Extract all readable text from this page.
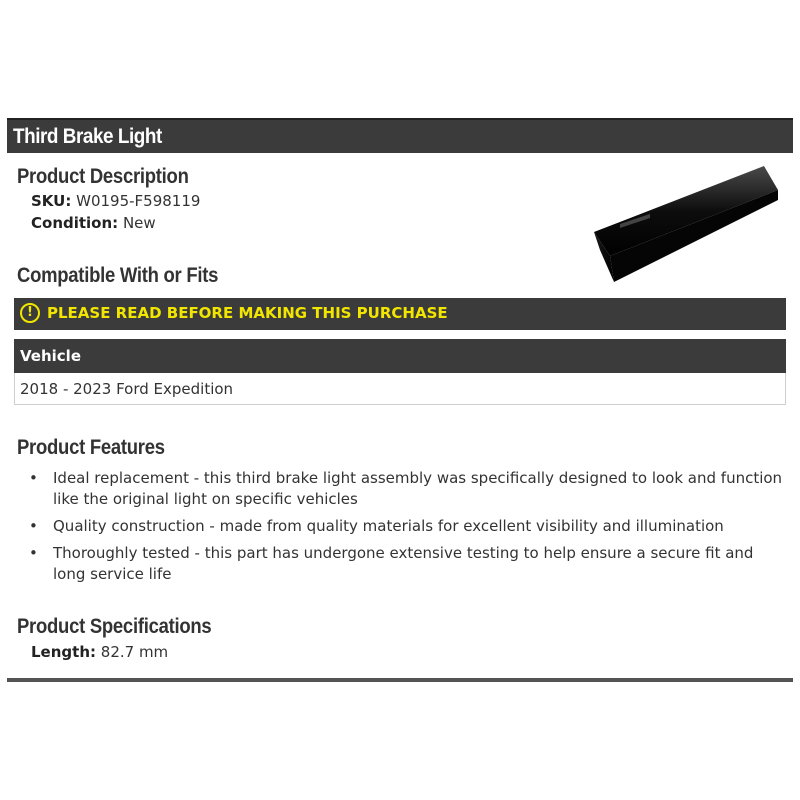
Third Brake Light
Product Description
SKU: W0195-F598119
Condition: New
Compatible With or Fits
! PLEASE READ BEFORE MAKING THIS PURCHASE
Vehicle
2018 - 2023 Ford Expedition
Product Features
• Ideal replacement - this third brake light assembly was specifically designed to look and function like the original light on specific vehicles
• Quality construction - made from quality materials for excellent visibility and illumination
• Thoroughly tested - this part has undergone extensive testing to help ensure a secure fit and long service life
Product Specifications
Length: 82.7 mm
